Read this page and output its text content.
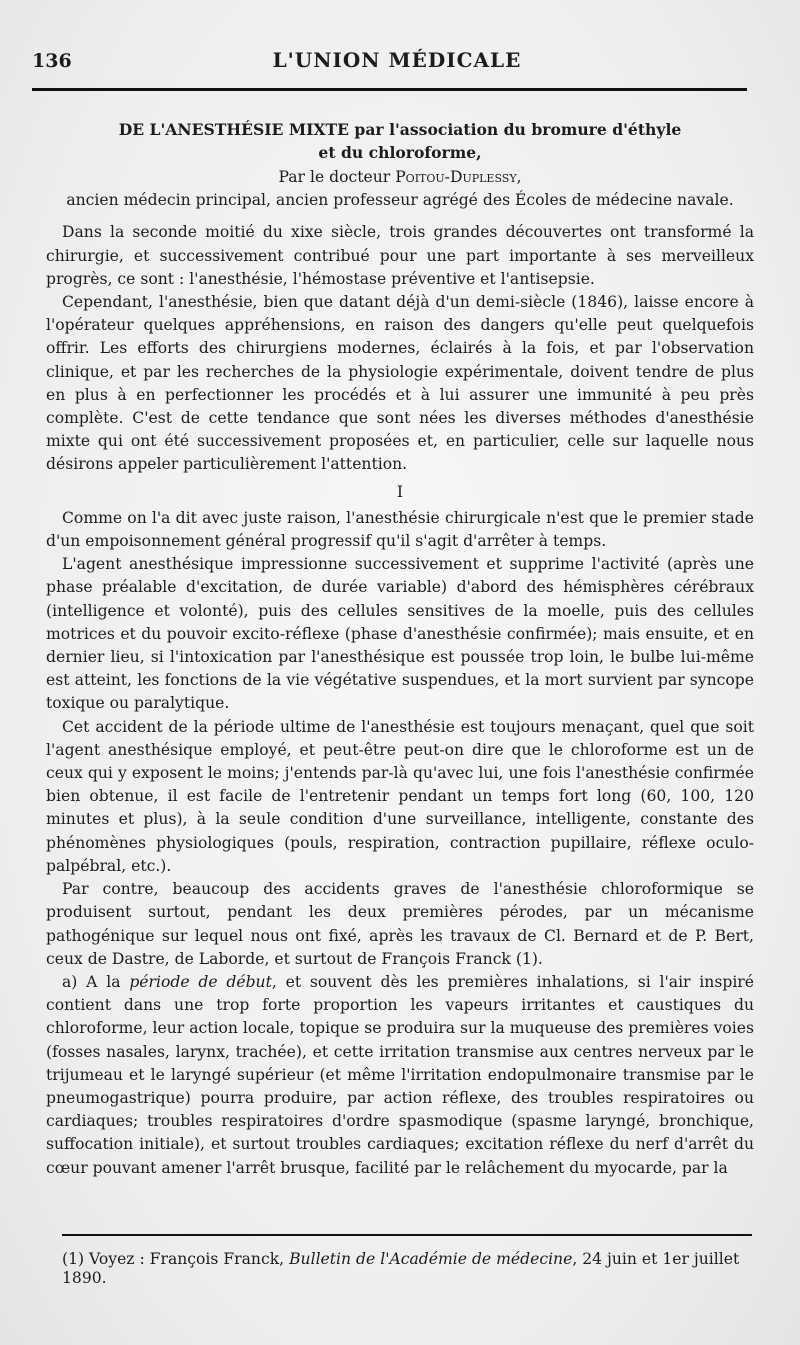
136	L'UNION MÉDICALE
DE L'ANESTHÉSIE MIXTE par l'association du bromure d'éthyle
et du chloroforme,

Par le docteur Poitou-Duplessy,

ancien médecin principal, ancien professeur agrégé des Écoles de médecine navale.

Dans la seconde moitié du xixe siècle, trois grandes découvertes ont transformé la chirurgie, et successivement contribué pour une part importante à ses merveilleux progrès, ce sont : l'anesthésie, l'hémostase préventive et l'antisepsie.

Cependant, l'anesthésie, bien que datant déjà d'un demi-siècle (1846), laisse encore à l'opérateur quelques appréhensions, en raison des dangers qu'elle peut quelquefois offrir. Les efforts des chirurgiens modernes, éclairés à la fois, et par l'observation clinique, et par les recherches de la physiologie expérimentale, doivent tendre de plus en plus à en perfectionner les procédés et à lui assurer une immunité à peu près complète. C'est de cette tendance que sont nées les diverses méthodes d'anesthésie mixte qui ont été successivement proposées et, en particulier, celle sur laquelle nous désirons appeler particulièrement l'attention.

I

Comme on l'a dit avec juste raison, l'anesthésie chirurgicale n'est que le premier stade d'un empoisonnement général progressif qu'il s'agit d'arrêter à temps.

L'agent anesthésique impressionne successivement et supprime l'activité (après une phase préalable d'excitation, de durée variable) d'abord des hémisphères cérébraux (intelligence et volonté), puis des cellules sensitives de la moelle, puis des cellules motrices et du pouvoir excito-réflexe (phase d'anesthésie confirmée); mais ensuite, et en dernier lieu, si l'intoxication par l'anesthésique est poussée trop loin, le bulbe lui-même est atteint, les fonctions de la vie végétative suspendues, et la mort survient par syncope toxique ou paralytique.

Cet accident de la période ultime de l'anesthésie est toujours menaçant, quel que soit l'agent anesthésique employé, et peut-être peut-on dire que le chloroforme est un de ceux qui y exposent le moins; j'entends par-là qu'avec lui, une fois l'anesthésie confirmée bien obtenue, il est facile de l'entretenir pendant un temps fort long (60, 100, 120 minutes et plus), à la seule condition d'une surveillance, intelligente, constante des phénomènes physiologiques (pouls, respiration, contraction pupillaire, réflexe oculo-palpébral, etc.).

Par contre, beaucoup des accidents graves de l'anesthésie chloroformique se produisent surtout, pendant les deux premières pérodes, par un mécanisme pathogénique sur lequel nous ont fixé, après les travaux de Cl. Bernard et de P. Bert, ceux de Dastre, de Laborde, et surtout de François Franck (1).

a) A la période de début, et souvent dès les premières inhalations, si l'air inspiré contient dans une trop forte proportion les vapeurs irritantes et caustiques du chloroforme, leur action locale, topique se produira sur la muqueuse des premières voies (fosses nasales, larynx, trachée), et cette irritation transmise aux centres nerveux par le trijumeau et le laryngé supérieur (et même l'irritation endopulmonaire transmise par le pneumogastrique) pourra produire, par action réflexe, des troubles respiratoires ou cardiaques; troubles respiratoires d'ordre spasmodique (spasme laryngé, bronchique, suffocation initiale), et surtout troubles cardiaques; excitation réflexe du nerf d'arrêt du cœur pouvant amener l'arrêt brusque, facilité par le relâchement du myocarde, par la

(1) Voyez : François Franck, Bulletin de l'Académie de médecine, 24 juin et 1er juillet 1890.
